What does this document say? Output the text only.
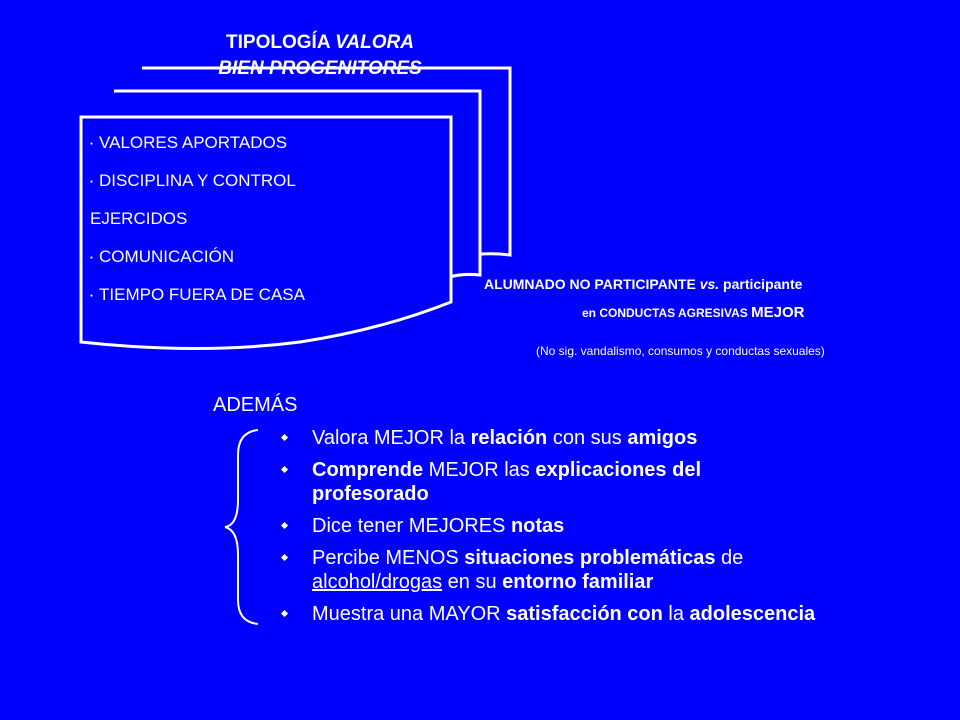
TIPOLOGÍA VALORA
BIEN PROGENITORES
● VALORES APORTADOS
● DISCIPLINA Y CONTROL
EJERCIDOS
● COMUNICACIÓN
● TIEMPO FUERA DE CASA
ALUMNADO NO PARTICIPANTE vs. participante
en CONDUCTAS AGRESIVAS MEJOR
(No sig. vandalismo, consumos y conductas sexuales)
ADEMÁS
Valora MEJOR la relación con sus amigos
Comprende MEJOR las explicaciones del profesorado
Dice tener MEJORES notas
Percibe MENOS situaciones problemáticas de alcohol/drogas en su entorno familiar
Muestra una MAYOR satisfacción con la adolescencia
